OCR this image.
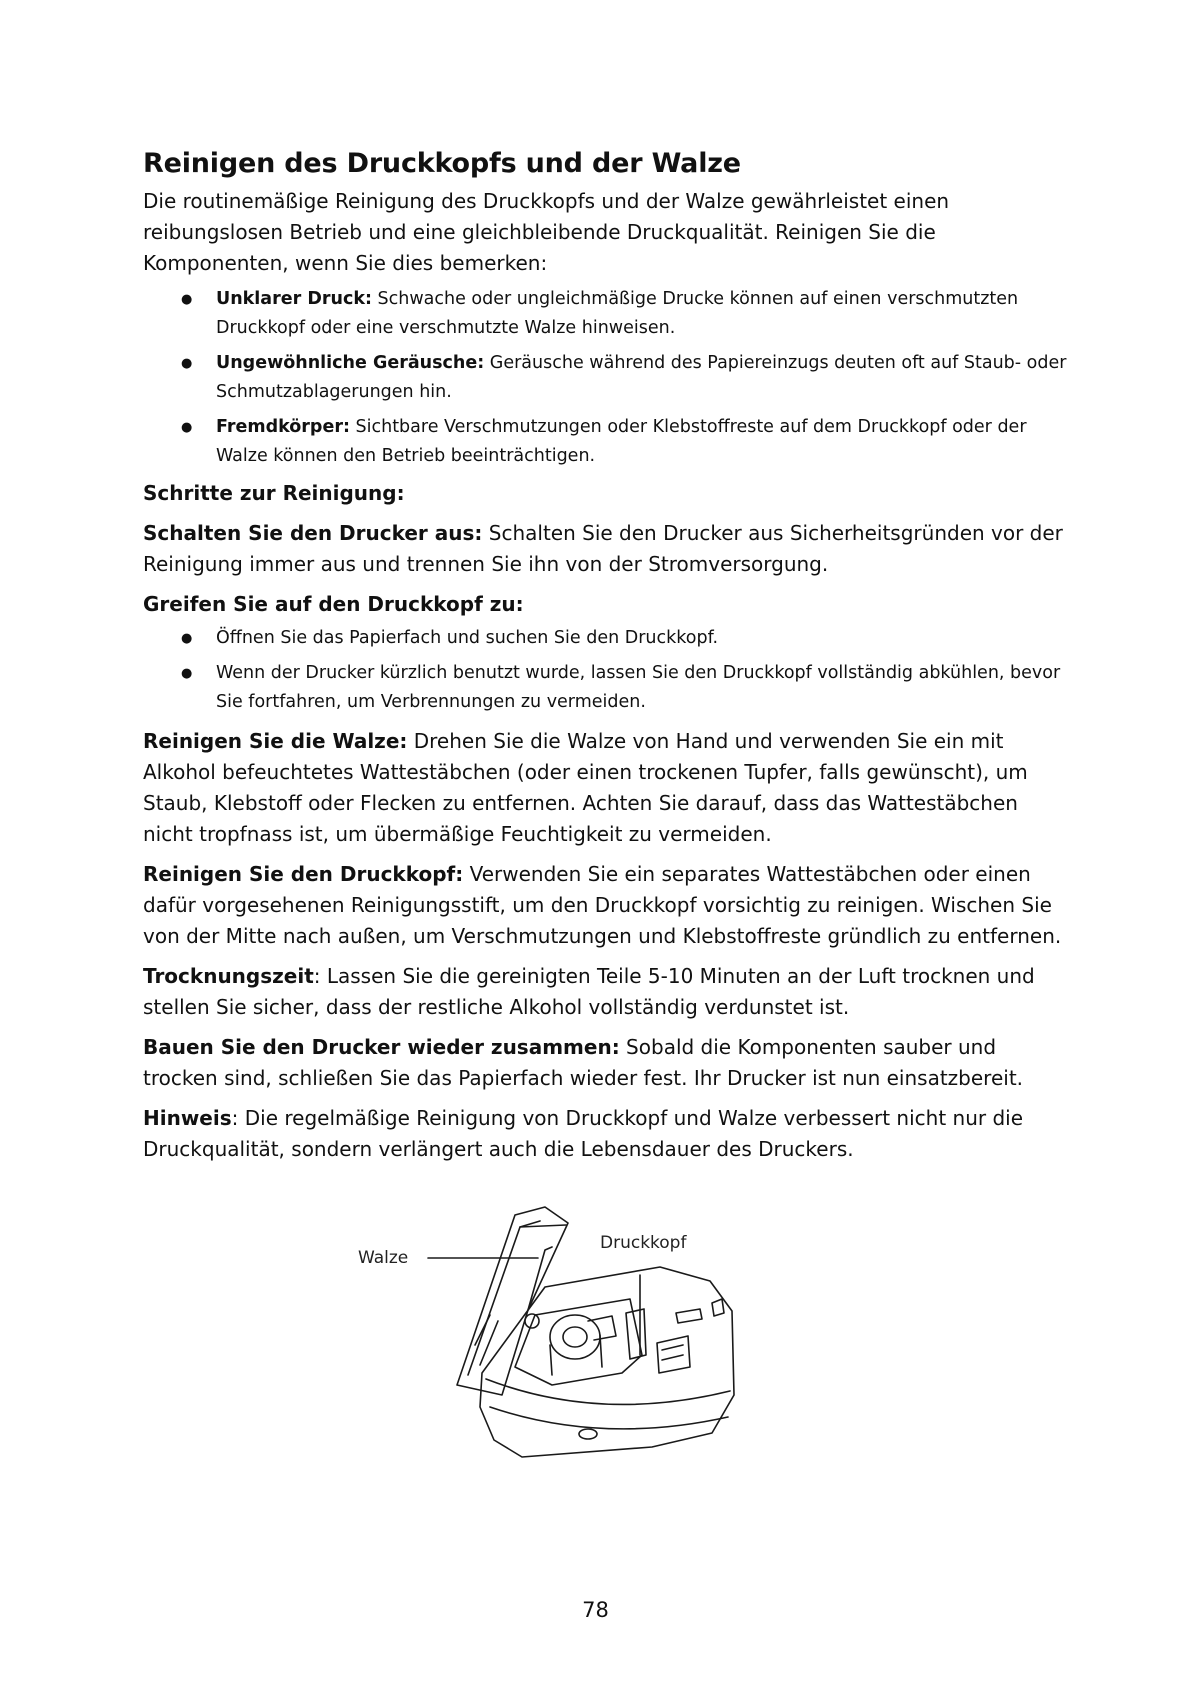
Reinigen des Druckkopfs und der Walze

Die routinemäßige Reinigung des Druckkopfs und der Walze gewährleistet einen reibungslosen Betrieb und eine gleichbleibende Druckqualität. Reinigen Sie die Komponenten, wenn Sie dies bemerken:

● Unklarer Druck: Schwache oder ungleichmäßige Drucke können auf einen verschmutzten Druckkopf oder eine verschmutzte Walze hinweisen.
● Ungewöhnliche Geräusche: Geräusche während des Papiereinzugs deuten oft auf Staub- oder Schmutzablagerungen hin.
● Fremdkörper: Sichtbare Verschmutzungen oder Klebstoffreste auf dem Druckkopf oder der Walze können den Betrieb beeinträchtigen.
Schritte zur Reinigung:

Schalten Sie den Drucker aus: Schalten Sie den Drucker aus Sicherheitsgründen vor der Reinigung immer aus und trennen Sie ihn von der Stromversorgung.

Greifen Sie auf den Druckkopf zu:
● Öffnen Sie das Papierfach und suchen Sie den Druckkopf.
● Wenn der Drucker kürzlich benutzt wurde, lassen Sie den Druckkopf vollständig abkühlen, bevor Sie fortfahren, um Verbrennungen zu vermeiden.

Reinigen Sie die Walze: Drehen Sie die Walze von Hand und verwenden Sie ein mit Alkohol befeuchtetes Wattestäbchen (oder einen trockenen Tupfer, falls gewünscht), um Staub, Klebstoff oder Flecken zu entfernen. Achten Sie darauf, dass das Wattestäbchen nicht tropfnass ist, um übermäßige Feuchtigkeit zu vermeiden.

Reinigen Sie den Druckkopf: Verwenden Sie ein separates Wattestäbchen oder einen dafür vorgesehenen Reinigungsstift, um den Druckkopf vorsichtig zu reinigen. Wischen Sie von der Mitte nach außen, um Verschmutzungen und Klebstoffreste gründlich zu entfernen.

Trocknungszeit: Lassen Sie die gereinigten Teile 5-10 Minuten an der Luft trocknen und stellen Sie sicher, dass der restliche Alkohol vollständig verdunstet ist.

Bauen Sie den Drucker wieder zusammen: Sobald die Komponenten sauber und trocken sind, schließen Sie das Papierfach wieder fest. Ihr Drucker ist nun einsatzbereit.

Hinweis: Die regelmäßige Reinigung von Druckkopf und Walze verbessert nicht nur die Druckqualität, sondern verlängert auch die Lebensdauer des Druckers.

Walze
Druckkopf
78
